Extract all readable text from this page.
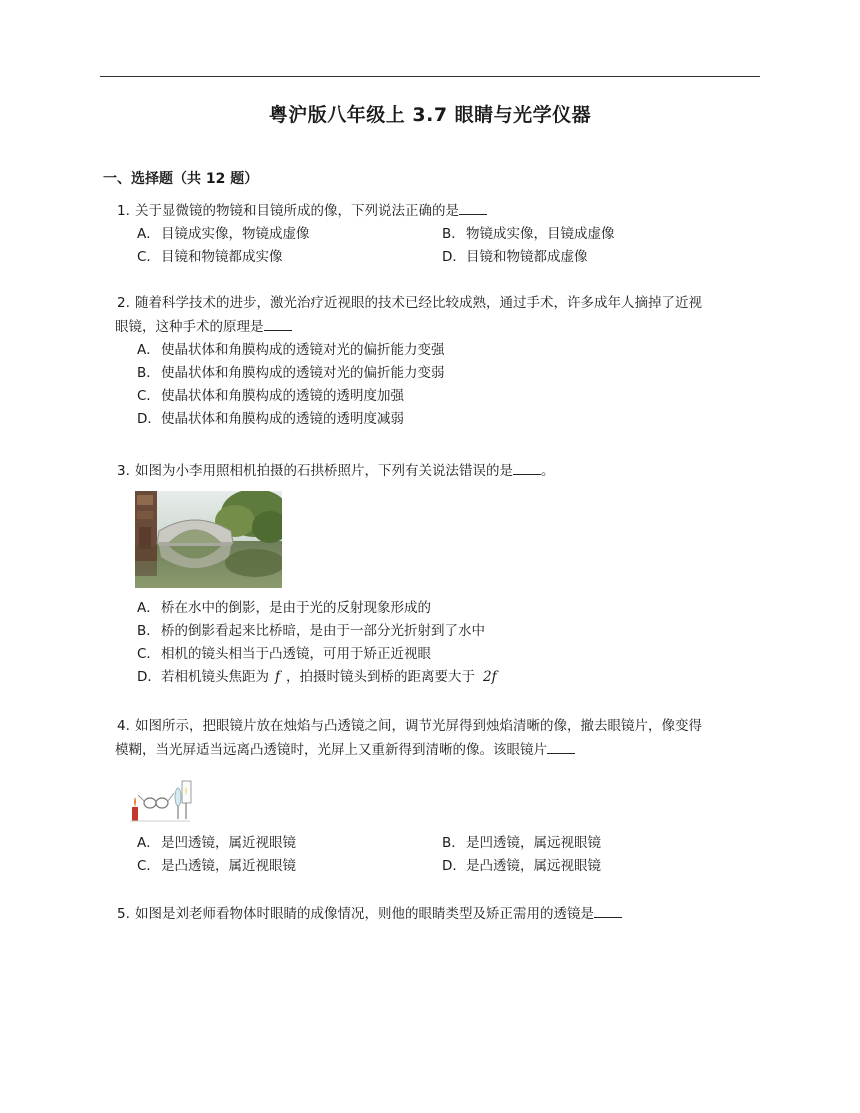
粤沪版八年级上 3.7 眼睛与光学仪器
一、选择题（共 12 题）
1. 关于显微镜的物镜和目镜所成的像，下列说法正确的是
A．目镜成实像，物镜成虚像	B．物镜成实像，目镜成虚像
C．目镜和物镜都成实像	D．目镜和物镜都成虚像
2. 随着科学技术的进步，激光治疗近视眼的技术已经比较成熟，通过手术，许多成年人摘掉了近视
眼镜，这种手术的原理是
A．使晶状体和角膜构成的透镜对光的偏折能力变强
B．使晶状体和角膜构成的透镜对光的偏折能力变弱
C．使晶状体和角膜构成的透镜的透明度加强
D．使晶状体和角膜构成的透镜的透明度减弱
3. 如图为小李用照相机拍摄的石拱桥照片，下列有关说法错误的是 。
A．桥在水中的倒影，是由于光的反射现象形成的
B．桥的倒影看起来比桥暗，是由于一部分光折射到了水中
C．相机的镜头相当于凸透镜，可用于矫正近视眼
D．若相机镜头焦距为 f ，拍摄时镜头到桥的距离要大于 2f
4. 如图所示，把眼镜片放在烛焰与凸透镜之间，调节光屏得到烛焰清晰的像，撤去眼镜片，像变得
模糊，当光屏适当远离凸透镜时，光屏上又重新得到清晰的像。该眼镜片
A．是凹透镜，属近视眼镜	B．是凹透镜，属远视眼镜
C．是凸透镜，属近视眼镜	D．是凸透镜，属远视眼镜
5. 如图是刘老师看物体时眼睛的成像情况，则他的眼睛类型及矫正需用的透镜是
